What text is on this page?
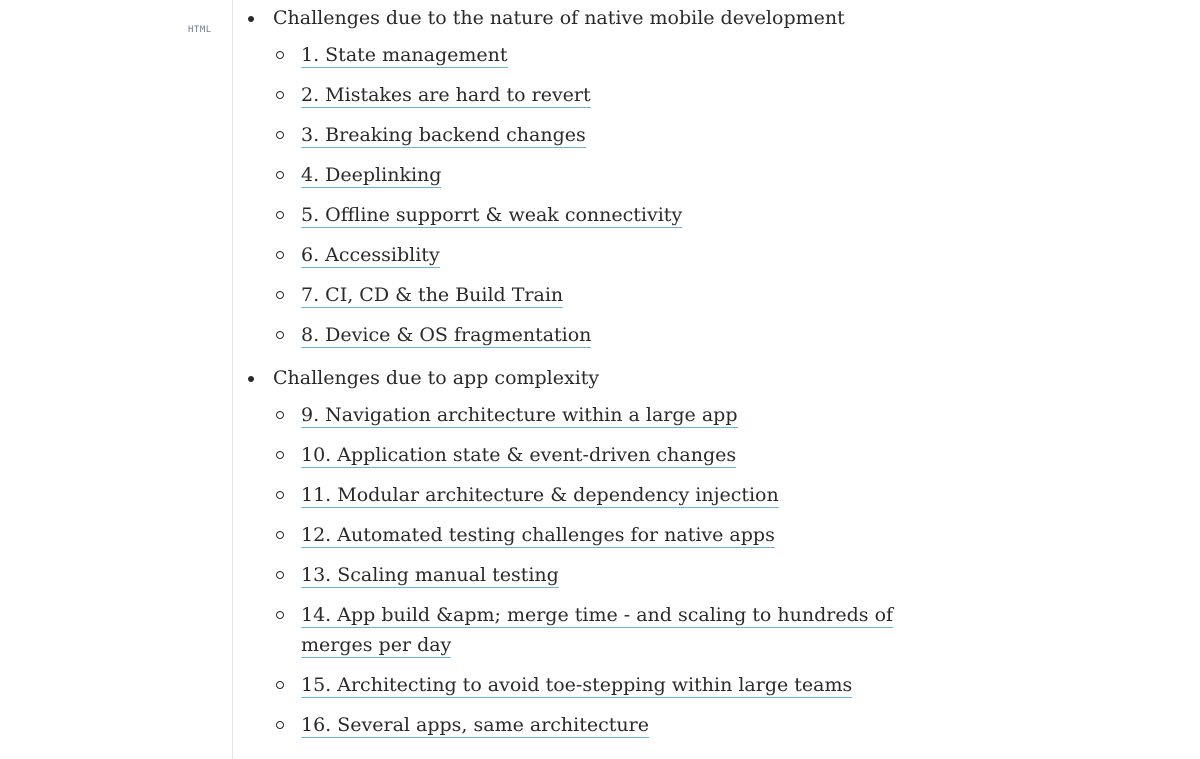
HTML
Challenges due to the nature of native mobile development
1. State management
2. Mistakes are hard to revert
3. Breaking backend changes
4. Deeplinking
5. Offline supporrt & weak connectivity
6. Accessiblity
7. CI, CD & the Build Train
8. Device & OS fragmentation
Challenges due to app complexity
9. Navigation architecture within a large app
10. Application state & event-driven changes
11. Modular architecture & dependency injection
12. Automated testing challenges for native apps
13. Scaling manual testing
14. App build &apm; merge time - and scaling to hundreds of merges per day
15. Architecting to avoid toe-stepping within large teams
16. Several apps, same architecture
